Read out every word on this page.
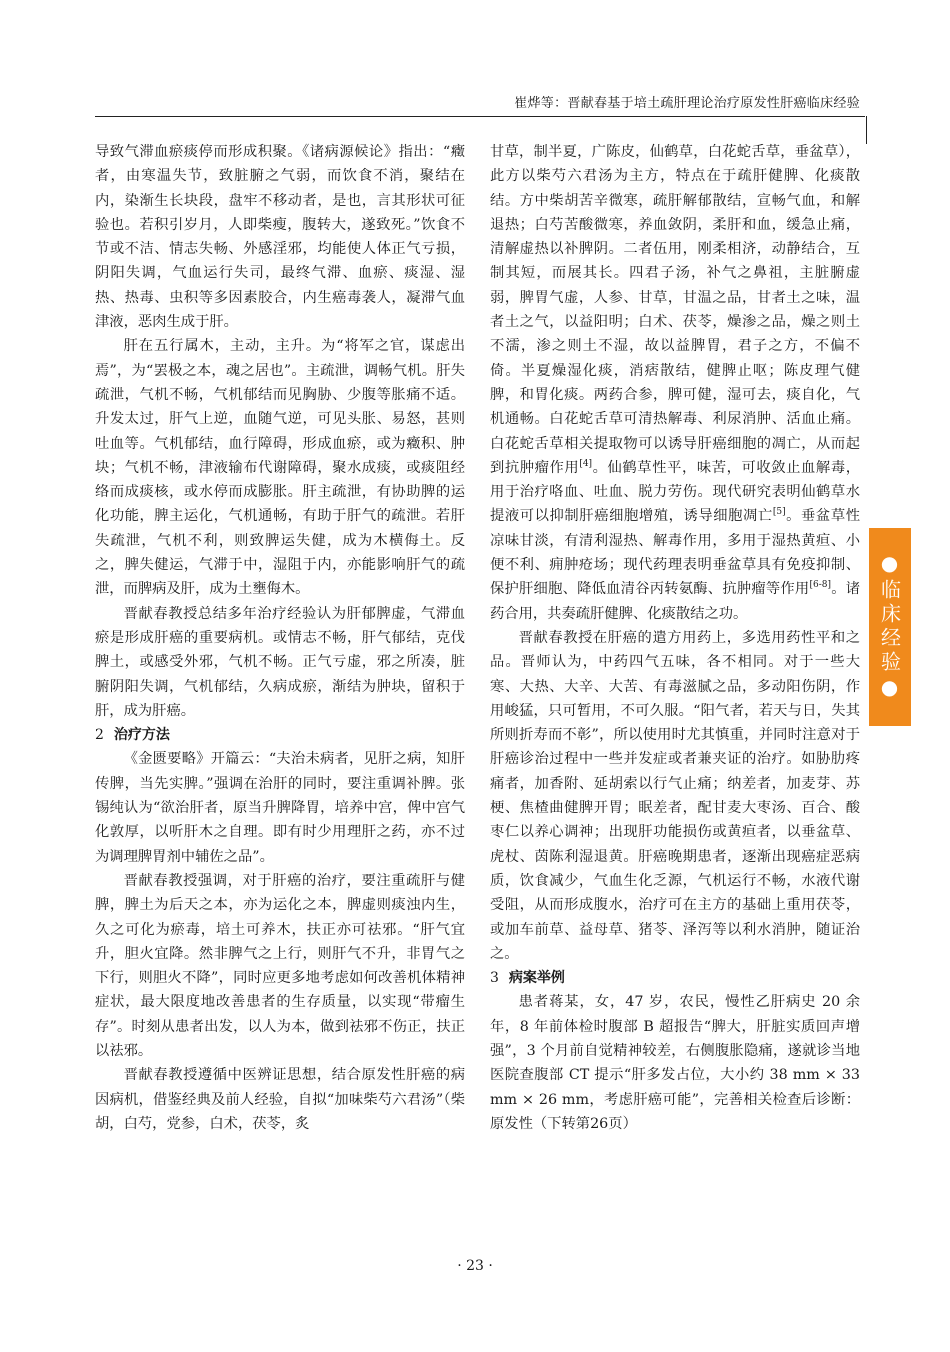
崔烨等：晋献春基于培土疏肝理论治疗原发性肝癌临床经验

导致气滞血瘀痰停而形成积聚。《诸病源候论》指出：“癥者，由寒温失节，致脏腑之气弱，而饮食不消，聚结在内，染渐生长块段，盘牢不移动者，是也，言其形状可征验也。若积引岁月，人即柴瘦，腹转大，遂致死。”饮食不节或不洁、情志失畅、外感淫邪，均能使人体正气亏损，阴阳失调，气血运行失司，最终气滞、血瘀、痰湿、湿热、热毒、虫积等多因素胶合，内生癌毒袭人，凝滞气血津液，恶肉生成于肝。

肝在五行属木，主动，主升。为“将军之官，谋虑出焉”，为“罢极之本，魂之居也”。主疏泄，调畅气机。肝失疏泄，气机不畅，气机郁结而见胸胁、少腹等胀痛不适。升发太过，肝气上逆，血随气逆，可见头胀、易怒，甚则吐血等。气机郁结，血行障碍，形成血瘀，或为癥积、肿块；气机不畅，津液输布代谢障碍，聚水成痰，或痰阻经络而成痰核，或水停而成膨胀。肝主疏泄，有协助脾的运化功能，脾主运化，气机通畅，有助于肝气的疏泄。若肝失疏泄，气机不利，则致脾运失健，成为木横侮土。反之，脾失健运，气滞于中，湿阻于内，亦能影响肝气的疏泄，而脾病及肝，成为土壅侮木。

晋献春教授总结多年治疗经验认为肝郁脾虚，气滞血瘀是形成肝癌的重要病机。或情志不畅，肝气郁结，克伐脾土，或感受外邪，气机不畅。正气亏虚，邪之所凑，脏腑阴阳失调，气机郁结，久病成瘀，渐结为肿块，留积于肝，成为肝癌。

2 治疗方法

《金匮要略》开篇云：“夫治未病者，见肝之病，知肝传脾，当先实脾。”强调在治肝的同时，要注重调补脾。张锡纯认为“欲治肝者，原当升脾降胃，培养中宫，俾中宫气化敦厚，以听肝木之自理。即有时少用理肝之药，亦不过为调理脾胃剂中辅佐之品”。

晋献春教授强调，对于肝癌的治疗，要注重疏肝与健脾，脾土为后天之本，亦为运化之本，脾虚则痰浊内生，久之可化为瘀毒，培土可养木，扶正亦可祛邪。“肝气宜升，胆火宜降。然非脾气之上行，则肝气不升，非胃气之下行，则胆火不降”，同时应更多地考虑如何改善机体精神症状，最大限度地改善患者的生存质量，以实现“带瘤生存”。时刻从患者出发，以人为本，做到祛邪不伤正，扶正以祛邪。

晋献春教授遵循中医辨证思想，结合原发性肝癌的病因病机，借鉴经典及前人经验，自拟“加味柴芍六君汤”（柴胡，白芍，党参，白术，茯苓，炙

甘草，制半夏，广陈皮，仙鹤草，白花蛇舌草，垂盆草），此方以柴芍六君汤为主方，特点在于疏肝健脾、化痰散结。方中柴胡苦辛微寒，疏肝解郁散结，宣畅气血，和解退热；白芍苦酸微寒，养血敛阴，柔肝和血，缓急止痛，清解虚热以补脾阴。二者伍用，刚柔相济，动静结合，互制其短，而展其长。四君子汤，补气之鼻祖，主脏腑虚弱，脾胃气虚，人参、甘草，甘温之品，甘者土之味，温者土之气，以益阳明；白术、茯苓，燥渗之品，燥之则土不濡，渗之则土不湿，故以益脾胃，君子之方，不偏不倚。半夏燥湿化痰，消痞散结，健脾止呕；陈皮理气健脾，和胃化痰。两药合参，脾可健，湿可去，痰自化，气机通畅。白花蛇舌草可清热解毒、利尿消肿、活血止痛。白花蛇舌草相关提取物可以诱导肝癌细胞的凋亡，从而起到抗肿瘤作用[4]。仙鹤草性平，味苦，可收敛止血解毒，用于治疗咯血、吐血、脱力劳伤。现代研究表明仙鹤草水提液可以抑制肝癌细胞增殖，诱导细胞凋亡[5]。垂盆草性凉味甘淡，有清利湿热、解毒作用，多用于湿热黄疸、小便不利、痈肿疮场；现代药理表明垂盆草具有免疫抑制、保护肝细胞、降低血清谷丙转氨酶、抗肿瘤等作用[6-8]。诸药合用，共奏疏肝健脾、化痰散结之功。

晋献春教授在肝癌的遣方用药上，多选用药性平和之品。晋师认为，中药四气五味，各不相同。对于一些大寒、大热、大辛、大苦、有毒滋腻之品，多动阳伤阴，作用峻猛，只可暂用，不可久服。“阳气者，若天与日，失其所则折寿而不彰”，所以使用时尤其慎重，并同时注意对于肝癌诊治过程中一些并发症或者兼夹证的治疗。如胁肋疼痛者，加香附、延胡索以行气止痛；纳差者，加麦芽、苏梗、焦楂曲健脾开胃；眠差者，配甘麦大枣汤、百合、酸枣仁以养心调神；出现肝功能损伤或黄疸者，以垂盆草、虎杖、茵陈利湿退黄。肝癌晚期患者，逐渐出现癌症恶病质，饮食减少，气血生化乏源，气机运行不畅，水液代谢受阻，从而形成腹水，治疗可在主方的基础上重用茯苓，或加车前草、益母草、猪苓、泽泻等以利水消肿，随证治之。

3 病案举例

患者蒋某，女，47 岁，农民，慢性乙肝病史 20 余年，8 年前体检时腹部 B 超报告“脾大，肝脏实质回声增强”，3 个月前自觉精神较差，右侧腹胀隐痛，遂就诊当地医院查腹部 CT 提示“肝多发占位，大小约 38 mm × 33 mm × 26 mm，考虑肝癌可能”，完善相关检查后诊断：原发性（下转第26页）

●临床经验●
· 23 ·
